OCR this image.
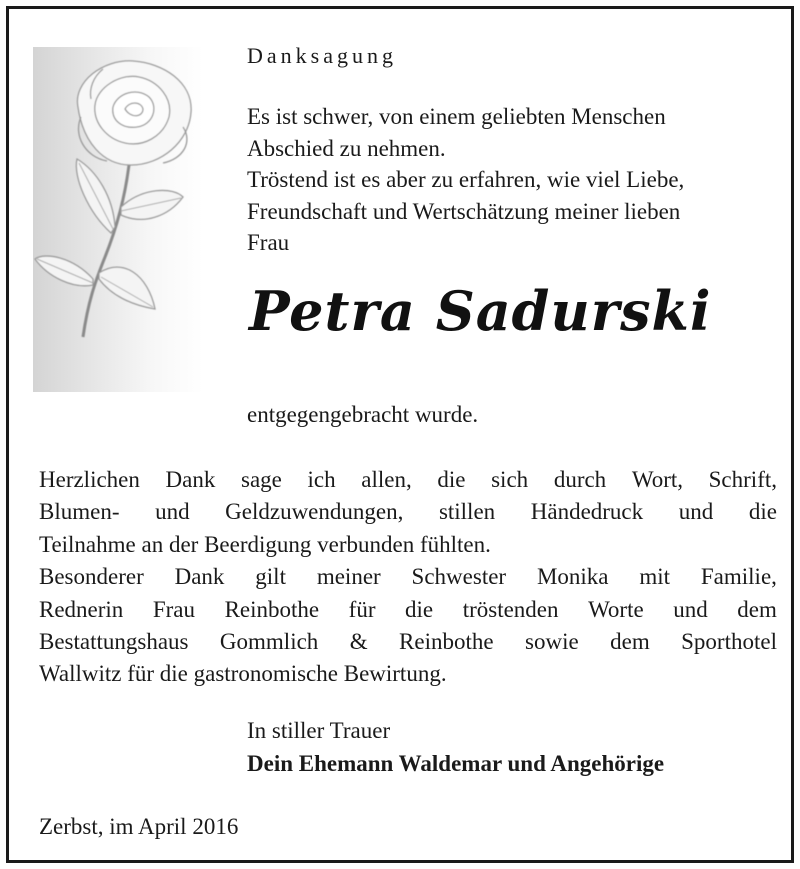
Danksagung
Es ist schwer, von einem geliebten Menschen
Abschied zu nehmen.
Tröstend ist es aber zu erfahren, wie viel Liebe,
Freundschaft und Wertschätzung meiner lieben
Frau
Petra Sadurski
entgegengebracht wurde.
Herzlichen Dank sage ich allen, die sich durch Wort, Schrift,
Blumen- und Geldzuwendungen, stillen Händedruck und die
Teilnahme an der Beerdigung verbunden fühlten.
Besonderer Dank gilt meiner Schwester Monika mit Familie,
Rednerin Frau Reinbothe für die tröstenden Worte und dem
Bestattungshaus Gommlich & Reinbothe sowie dem Sporthotel
Wallwitz für die gastronomische Bewirtung.
In stiller Trauer
Dein Ehemann Waldemar und Angehörige
Zerbst, im April 2016
